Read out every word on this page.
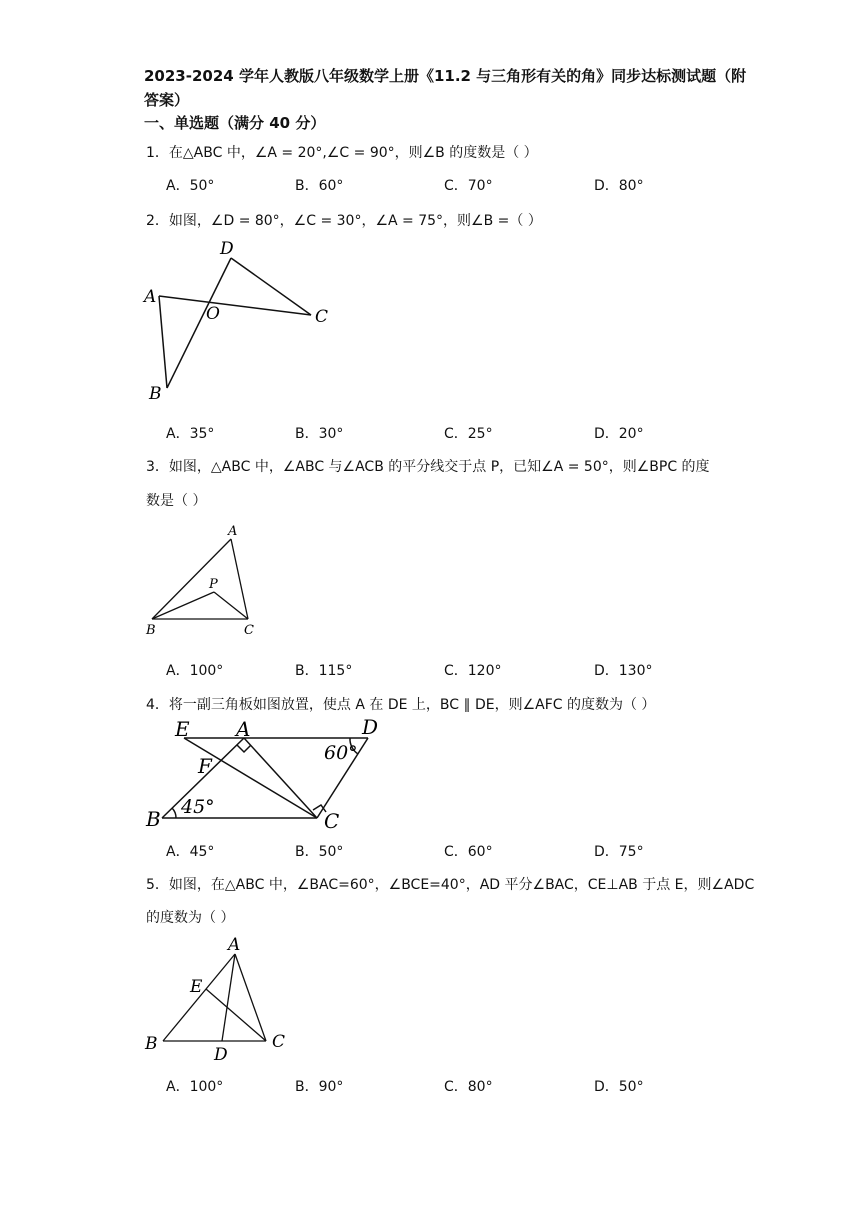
2023-2024 学年人教版八年级数学上册《11.2 与三角形有关的角》同步达标测试题（附
答案）
一、单选题（满分 40 分）
1．在△ABC 中，∠A = 20°,∠C = 90°，则∠B 的度数是（ ）
A．50°	B．60°	C．70°	D．80°
2．如图，∠D = 80°，∠C = 30°，∠A = 75°，则∠B =（ ）
A
D
O	C
B
A．35°	B．30°	C．25°	D．20°
3．如图，△ABC 中，∠ABC 与∠ACB 的平分线交于点 P，已知∠A = 50°，则∠BPC 的度
数是（ ）
A
P
B	C
A．100°	B．115°	C．120°	D．130°
4．将一副三角板如图放置，使点 A 在 DE 上，BC ∥ DE，则∠AFC 的度数为（ ）
E A	D
F
B	C
60°
45°
A．45°	B．50°	C．60°	D．75°
5．如图，在△ABC 中，∠BAC=60°，∠BCE=40°，AD 平分∠BAC，CE⊥AB 于点 E，则∠ADC
的度数为（ ）
A
E
B
D
C
A．100°	B．90°	C．80°	D．50°
